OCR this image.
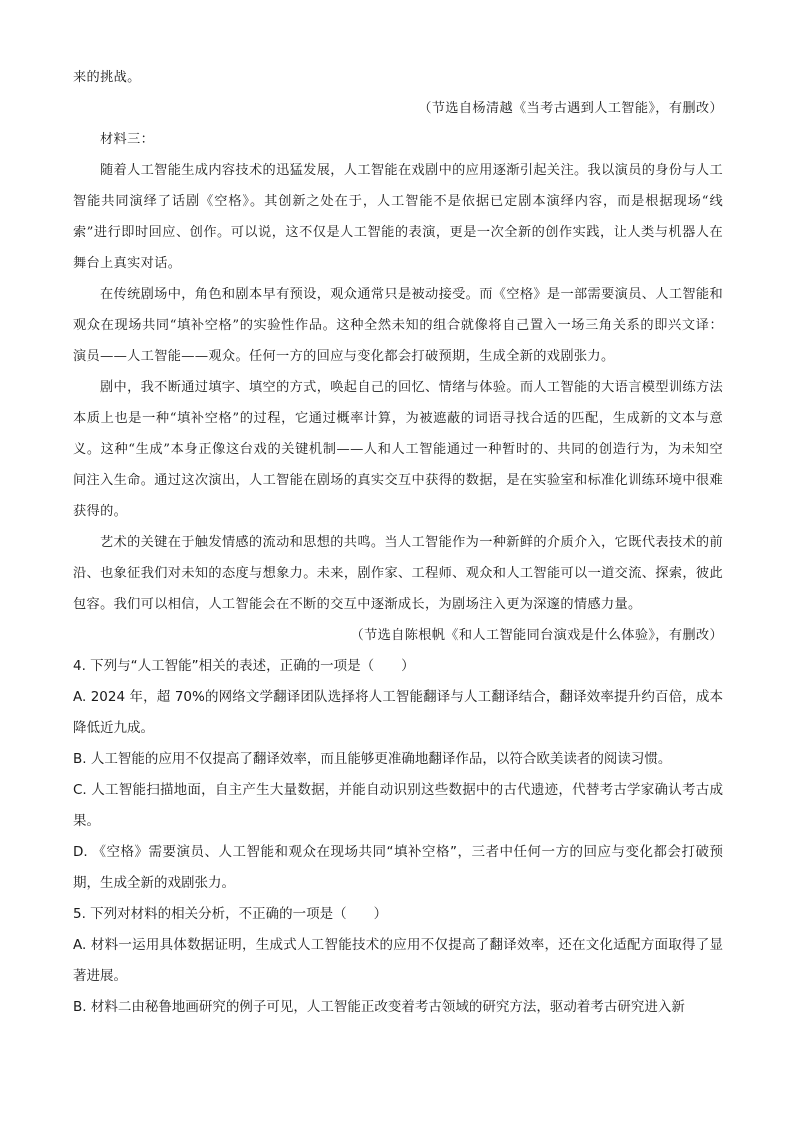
来的挑战。

（节选自杨清越《当考古遇到人工智能》，有删改）

材料三：

随着人工智能生成内容技术的迅猛发展，人工智能在戏剧中的应用逐渐引起关注。我以演员的身份与人工智能共同演绎了话剧《空格》。其创新之处在于，人工智能不是依据已定剧本演绎内容，而是根据现场“线索”进行即时回应、创作。可以说，这不仅是人工智能的表演，更是一次全新的创作实践，让人类与机器人在舞台上真实对话。

在传统剧场中，角色和剧本早有预设，观众通常只是被动接受。而《空格》是一部需要演员、人工智能和观众在现场共同“填补空格”的实验性作品。这种全然未知的组合就像将自己置入一场三角关系的即兴文译：演员——人工智能——观众。任何一方的回应与变化都会打破预期，生成全新的戏剧张力。

剧中，我不断通过填字、填空的方式，唤起自己的回忆、情绪与体验。而人工智能的大语言模型训练方法本质上也是一种“填补空格”的过程，它通过概率计算，为被遮蔽的词语寻找合适的匹配，生成新的文本与意义。这种“生成”本身正像这台戏的关键机制——人和人工智能通过一种暂时的、共同的创造行为，为未知空间注入生命。通过这次演出，人工智能在剧场的真实交互中获得的数据，是在实验室和标准化训练环境中很难获得的。

艺术的关键在于触发情感的流动和思想的共鸣。当人工智能作为一种新鲜的介质介入，它既代表技术的前沿、也象征我们对未知的态度与想象力。未来，剧作家、工程师、观众和人工智能可以一道交流、探索，彼此包容。我们可以相信，人工智能会在不断的交互中逐渐成长，为剧场注入更为深邃的情感力量。

（节选自陈根帆《和人工智能同台演戏是什么体验》，有删改）

4. 下列与“人工智能”相关的表述，正确的一项是（　　）

A. 2024 年，超 70%的网络文学翻译团队选择将人工智能翻译与人工翻译结合，翻译效率提升约百倍，成本降低近九成。

B. 人工智能的应用不仅提高了翻译效率，而且能够更准确地翻译作品，以符合欧美读者的阅读习惯。

C. 人工智能扫描地面，自主产生大量数据，并能自动识别这些数据中的古代遗迹，代替考古学家确认考古成果。

D. 《空格》需要演员、人工智能和观众在现场共同“填补空格”，三者中任何一方的回应与变化都会打破预期，生成全新的戏剧张力。

5. 下列对材料的相关分析，不正确的一项是（　　）

A. 材料一运用具体数据证明，生成式人工智能技术的应用不仅提高了翻译效率，还在文化适配方面取得了显著进展。

B. 材料二由秘鲁地画研究的例子可见，人工智能正改变着考古领域的研究方法，驱动着考古研究进入新
